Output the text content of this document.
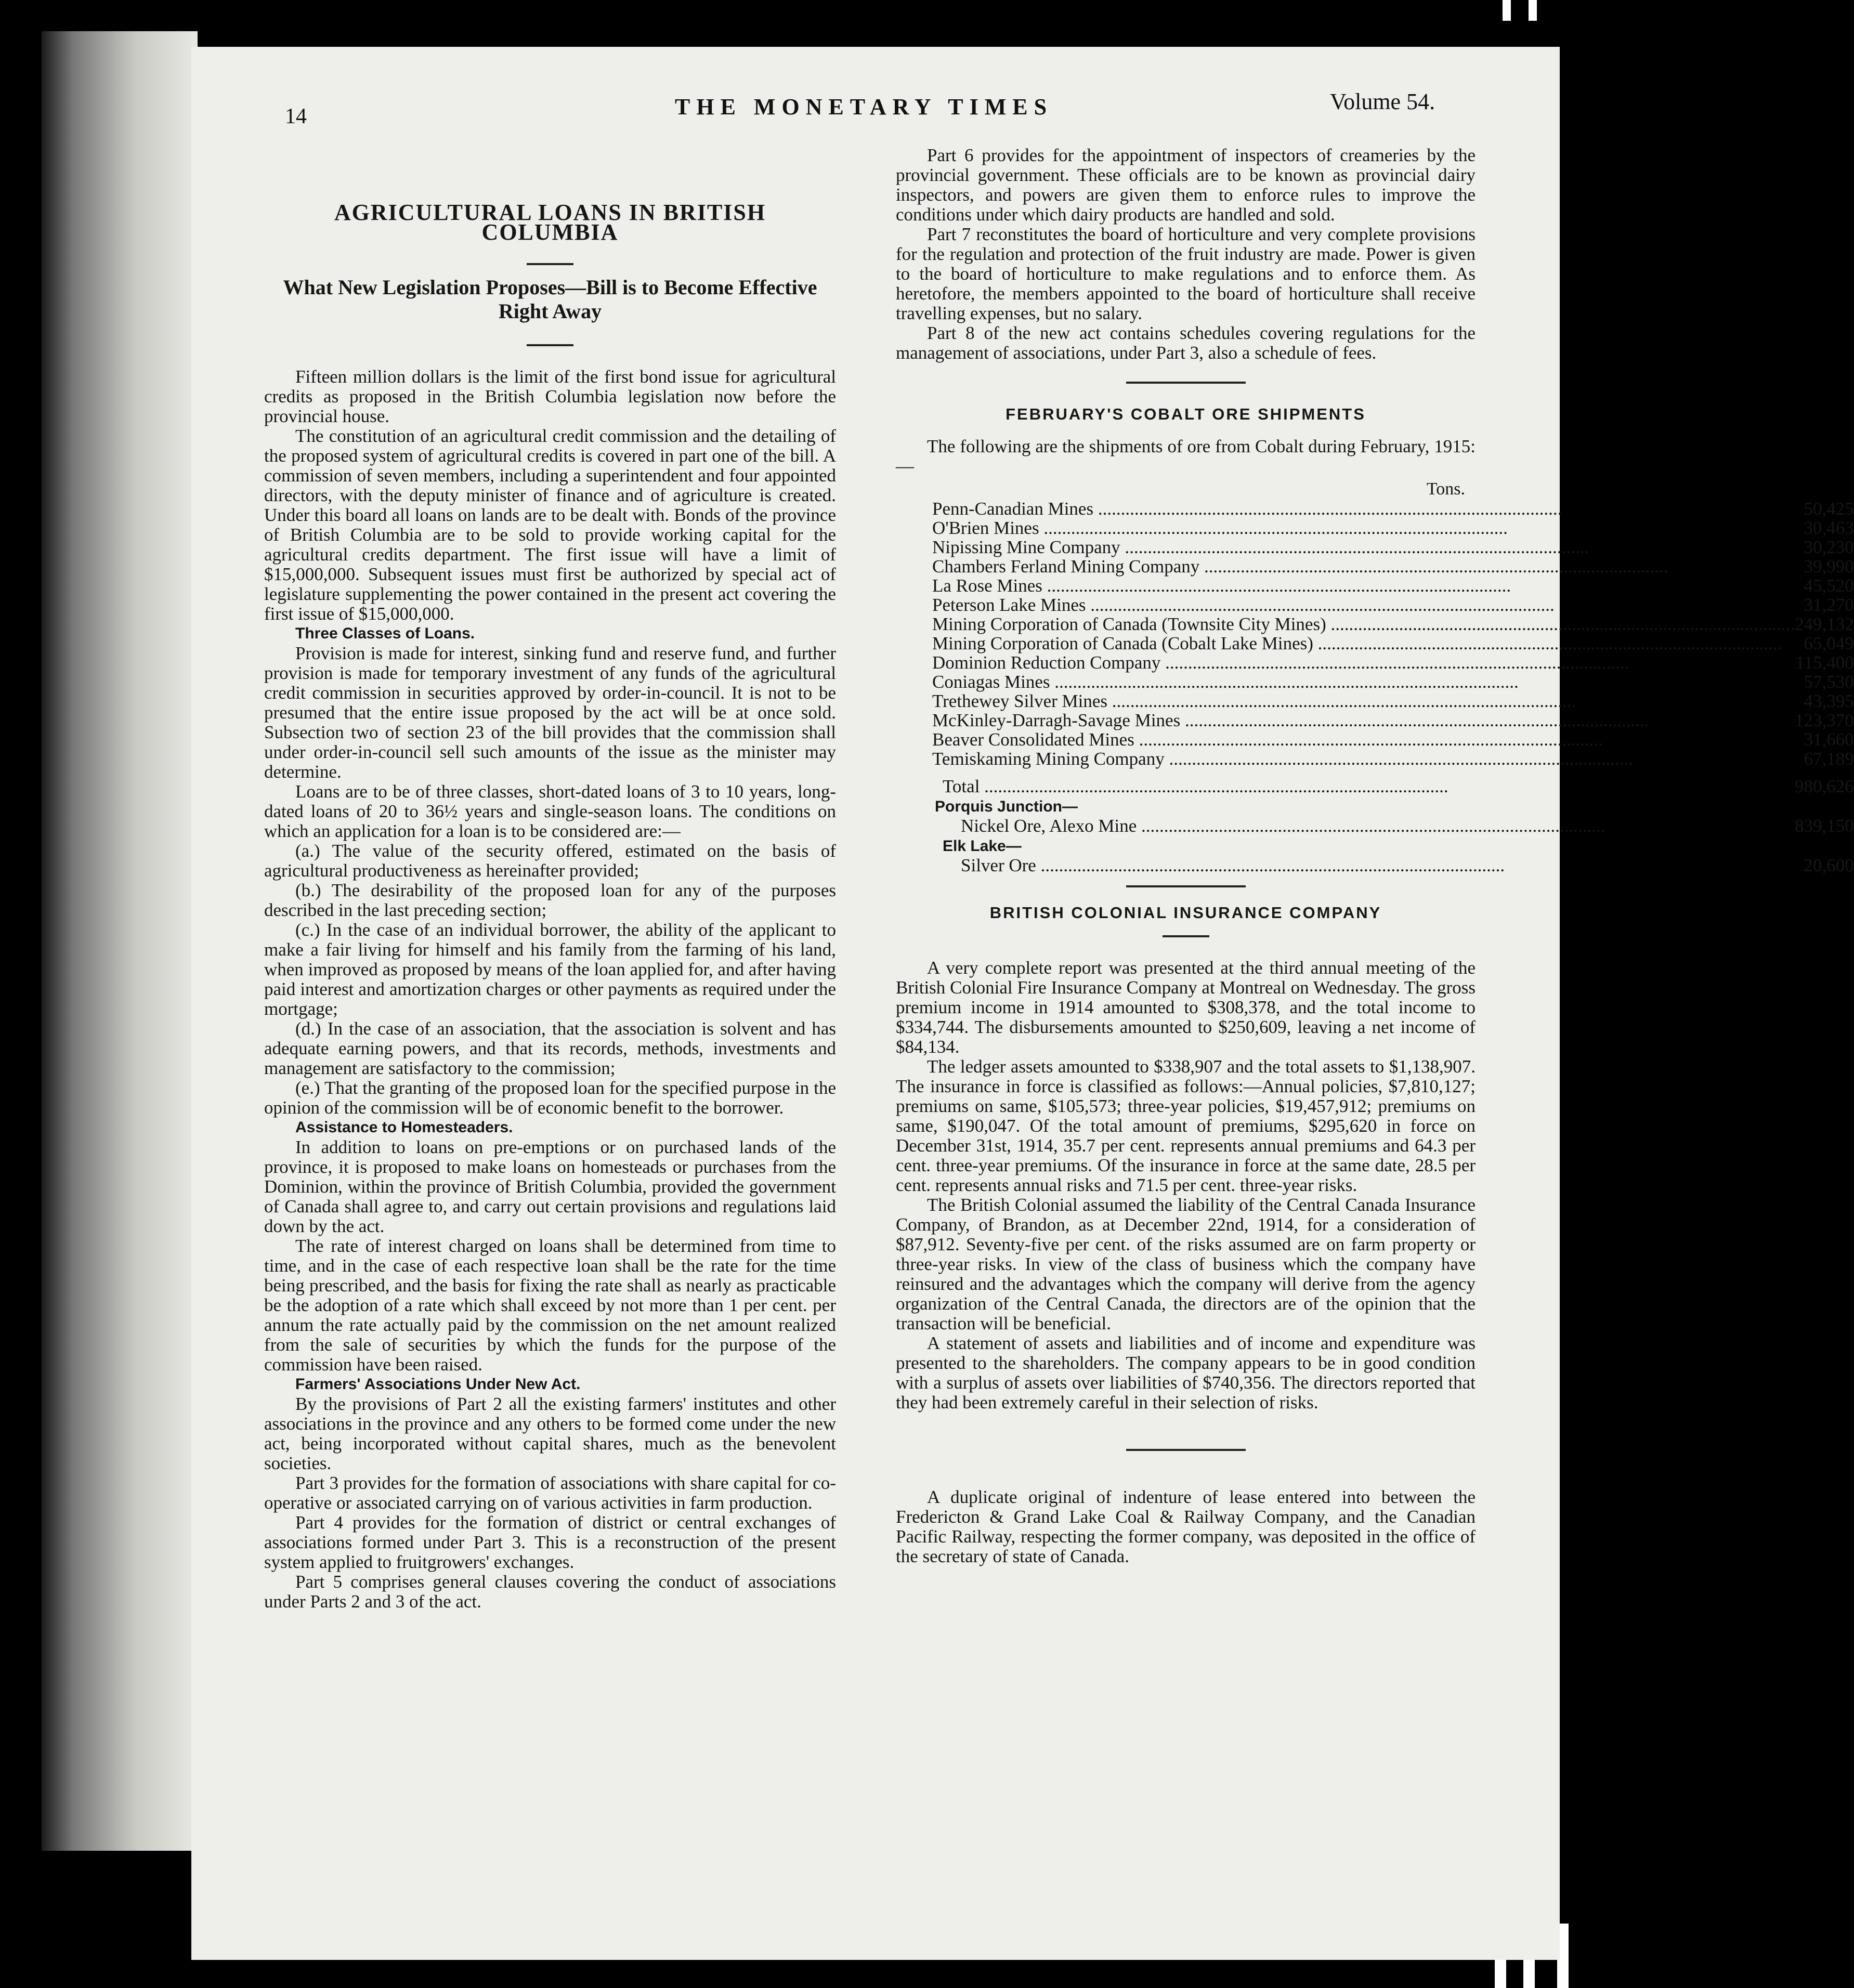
14	THE MONETARY TIMES	Volume 54.
AGRICULTURAL LOANS IN BRITISH COLUMBIA
What New Legislation Proposes—Bill is to Become Effective Right Away

Fifteen million dollars is the limit of the first bond issue for agricultural credits as proposed in the British Columbia legislation now before the provincial house.

The constitution of an agricultural credit commission and the detailing of the proposed system of agricultural credits is covered in part one of the bill. A commission of seven members, including a superintendent and four appointed directors, with the deputy minister of finance and of agriculture is created. Under this board all loans on lands are to be dealt with. Bonds of the province of British Columbia are to be sold to provide working capital for the agricultural credits department. The first issue will have a limit of $15,000,000. Subsequent issues must first be authorized by special act of legislature supplementing the power contained in the present act covering the first issue of $15,000,000.

Three Classes of Loans.

Provision is made for interest, sinking fund and reserve fund, and further provision is made for temporary investment of any funds of the agricultural credit commission in securities approved by order-in-council. It is not to be presumed that the entire issue proposed by the act will be at once sold. Subsection two of section 23 of the bill provides that the commission shall under order-in-council sell such amounts of the issue as the minister may determine.

Loans are to be of three classes, short-dated loans of 3 to 10 years, long-dated loans of 20 to 36½ years and single-season loans. The conditions on which an application for a loan is to be considered are:—

(a.) The value of the security offered, estimated on the basis of agricultural productiveness as hereinafter provided;

(b.) The desirability of the proposed loan for any of the purposes described in the last preceding section;

(c.) In the case of an individual borrower, the ability of the applicant to make a fair living for himself and his family from the farming of his land, when improved as proposed by means of the loan applied for, and after having paid interest and amortization charges or other payments as required under the mortgage;

(d.) In the case of an association, that the association is solvent and has adequate earning powers, and that its records, methods, investments and management are satisfactory to the commission;

(e.) That the granting of the proposed loan for the specified purpose in the opinion of the commission will be of economic benefit to the borrower.

Assistance to Homesteaders.

In addition to loans on pre-emptions or on purchased lands of the province, it is proposed to make loans on homesteads or purchases from the Dominion, within the province of British Columbia, provided the government of Canada shall agree to, and carry out certain provisions and regulations laid down by the act.

The rate of interest charged on loans shall be determined from time to time, and in the case of each respective loan shall be the rate for the time being prescribed, and the basis for fixing the rate shall as nearly as practicable be the adoption of a rate which shall exceed by not more than 1 per cent. per annum the rate actually paid by the commission on the net amount realized from the sale of securities by which the funds for the purpose of the commission have been raised.

Farmers' Associations Under New Act.

By the provisions of Part 2 all the existing farmers' institutes and other associations in the province and any others to be formed come under the new act, being incorporated without capital shares, much as the benevolent societies.

Part 3 provides for the formation of associations with share capital for co-operative or associated carrying on of various activities in farm production.

Part 4 provides for the formation of district or central exchanges of associations formed under Part 3. This is a reconstruction of the present system applied to fruitgrowers' exchanges.

Part 5 comprises general clauses covering the conduct of associations under Parts 2 and 3 of the act.

Part 6 provides for the appointment of inspectors of creameries by the provincial government. These officials are to be known as provincial dairy inspectors, and powers are given them to enforce rules to improve the conditions under which dairy products are handled and sold.

Part 7 reconstitutes the board of horticulture and very complete provisions for the regulation and protection of the fruit industry are made. Power is given to the board of horticulture to make regulations and to enforce them. As heretofore, the members appointed to the board of horticulture shall receive travelling expenses, but no salary.

Part 8 of the new act contains schedules covering regulations for the management of associations, under Part 3, also a schedule of fees.

FEBRUARY'S COBALT ORE SHIPMENTS

The following are the shipments of ore from Cobalt during February, 1915:—

Tons.
Penn-Canadian Mines .....	50,425

O'Brien Mines .....	30,463

Nipissing Mine Company .....	30,230

Chambers Ferland Mining Company .....	39,990

La Rose Mines .....	45,520

Peterson Lake Mines .....	31,270

Mining Corporation of Canada (Townsite City Mines) .....	249,132

Mining Corporation of Canada (Cobalt Lake Mines) .....	65,049

Dominion Reduction Company .....	115,400

Coniagas Mines .....	57,530

Trethewey Silver Mines .....	43,395

McKinley-Darragh-Savage Mines .....	123,370

Beaver Consolidated Mines .....	31,660

Temiskaming Mining Company .....	67,189

Total .....	980,626
Porquis Junction—	

Nickel Ore, Alexo Mine .....	839,150
Elk Lake—	

Silver Ore .....	20,600
BRITISH COLONIAL INSURANCE COMPANY

A very complete report was presented at the third annual meeting of the British Colonial Fire Insurance Company at Montreal on Wednesday. The gross premium income in 1914 amounted to $308,378, and the total income to $334,744. The disbursements amounted to $250,609, leaving a net income of $84,134.

The ledger assets amounted to $338,907 and the total assets to $1,138,907. The insurance in force is classified as follows:—Annual policies, $7,810,127; premiums on same, $105,573; three-year policies, $19,457,912; premiums on same, $190,047. Of the total amount of premiums, $295,620 in force on December 31st, 1914, 35.7 per cent. represents annual premiums and 64.3 per cent. three-year premiums. Of the insurance in force at the same date, 28.5 per cent. represents annual risks and 71.5 per cent. three-year risks.

The British Colonial assumed the liability of the Central Canada Insurance Company, of Brandon, as at December 22nd, 1914, for a consideration of $87,912. Seventy-five per cent. of the risks assumed are on farm property or three-year risks. In view of the class of business which the company have reinsured and the advantages which the company will derive from the agency organization of the Central Canada, the directors are of the opinion that the transaction will be beneficial.

A statement of assets and liabilities and of income and expenditure was presented to the shareholders. The company appears to be in good condition with a surplus of assets over liabilities of $740,356. The directors reported that they had been extremely careful in their selection of risks.

A duplicate original of indenture of lease entered into between the Fredericton & Grand Lake Coal & Railway Company, and the Canadian Pacific Railway, respecting the former company, was deposited in the office of the secretary of state of Canada.
